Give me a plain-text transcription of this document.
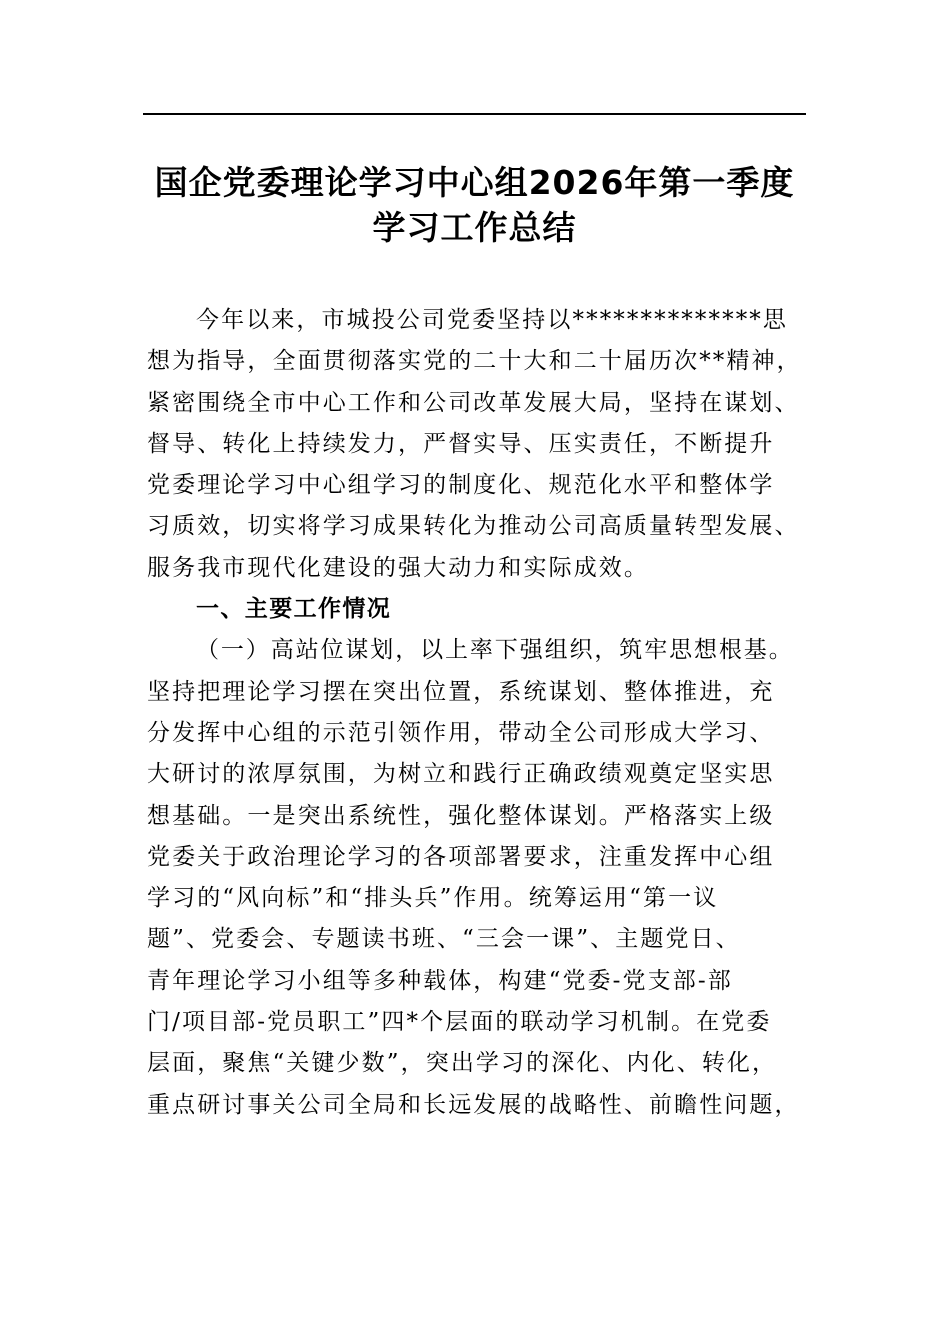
国企党委理论学习中心组2026年第一季度
学习工作总结
今年以来，市城投公司党委坚持以**************思
想为指导，全面贯彻落实党的二十大和二十届历次**精神，
紧密围绕全市中心工作和公司改革发展大局，坚持在谋划、
督导、转化上持续发力，严督实导、压实责任，不断提升
党委理论学习中心组学习的制度化、规范化水平和整体学
习质效，切实将学习成果转化为推动公司高质量转型发展、
服务我市现代化建设的强大动力和实际成效。
一、主要工作情况
（一）高站位谋划，以上率下强组织，筑牢思想根基。
坚持把理论学习摆在突出位置，系统谋划、整体推进，充
分发挥中心组的示范引领作用，带动全公司形成大学习、
大研讨的浓厚氛围，为树立和践行正确政绩观奠定坚实思
想基础。一是突出系统性，强化整体谋划。严格落实上级
党委关于政治理论学习的各项部署要求，注重发挥中心组
学习的“风向标”和“排头兵”作用。统筹运用“第一议
题”、党委会、专题读书班、“三会一课”、主题党日、
青年理论学习小组等多种载体，构建“党委-党支部-部
门/项目部-党员职工”四*个层面的联动学习机制。在党委
层面，聚焦“关键少数”，突出学习的深化、内化、转化，
重点研讨事关公司全局和长远发展的战略性、前瞻性问题，
